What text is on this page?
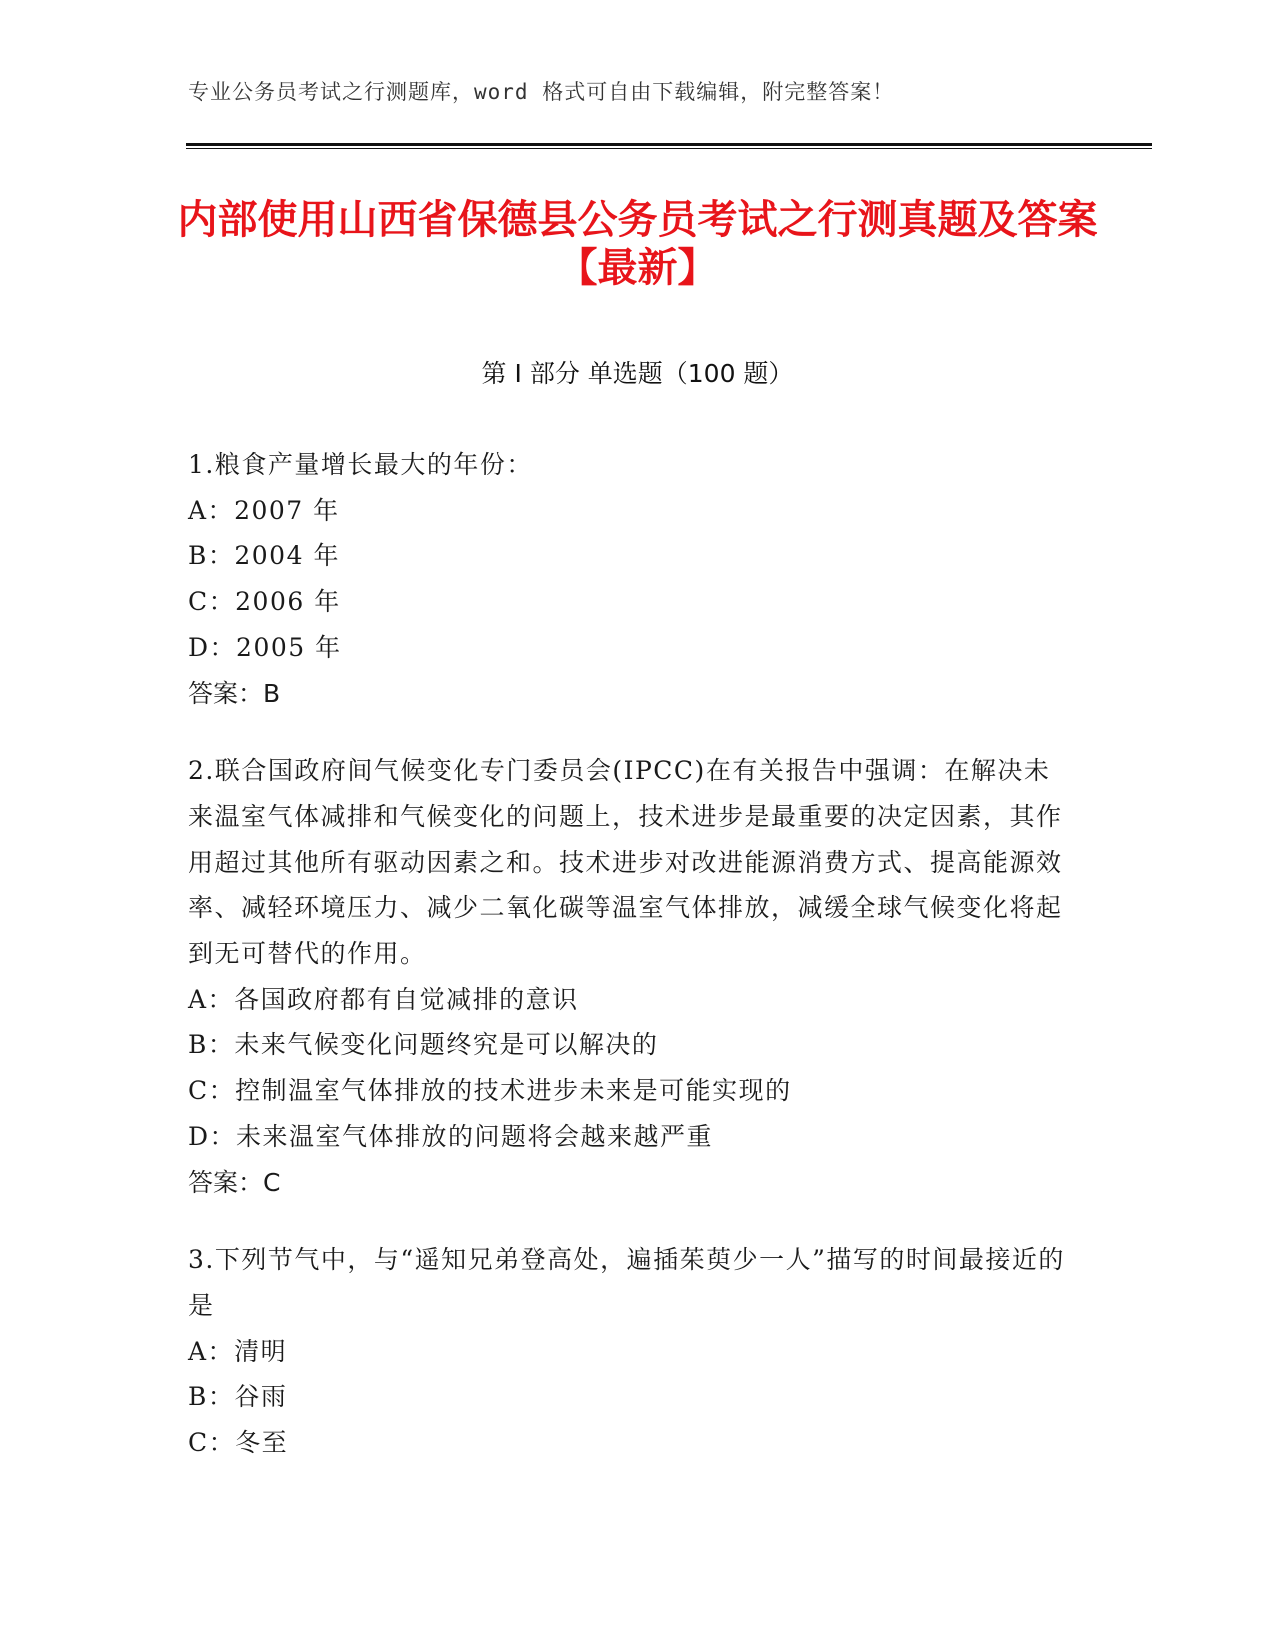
专业公务员考试之行测题库，word 格式可自由下载编辑，附完整答案！
内部使用山西省保德县公务员考试之行测真题及答案【最新】
第 I 部分 单选题（100 题）

1.粮食产量增长最大的年份：

A：2007 年

B：2004 年

C：2006 年

D：2005 年

答案：B

2.联合国政府间气候变化专门委员会(IPCC)在有关报告中强调：在解决未来温室气体减排和气候变化的问题上，技术进步是最重要的决定因素，其作用超过其他所有驱动因素之和。技术进步对改进能源消费方式、提高能源效率、减轻环境压力、减少二氧化碳等温室气体排放，减缓全球气候变化将起到无可替代的作用。

A：各国政府都有自觉减排的意识

B：未来气候变化问题终究是可以解决的

C：控制温室气体排放的技术进步未来是可能实现的

D：未来温室气体排放的问题将会越来越严重

答案：C

3.下列节气中，与“遥知兄弟登高处，遍插茱萸少一人”描写的时间最接近的是

A：清明

B：谷雨

C：冬至
